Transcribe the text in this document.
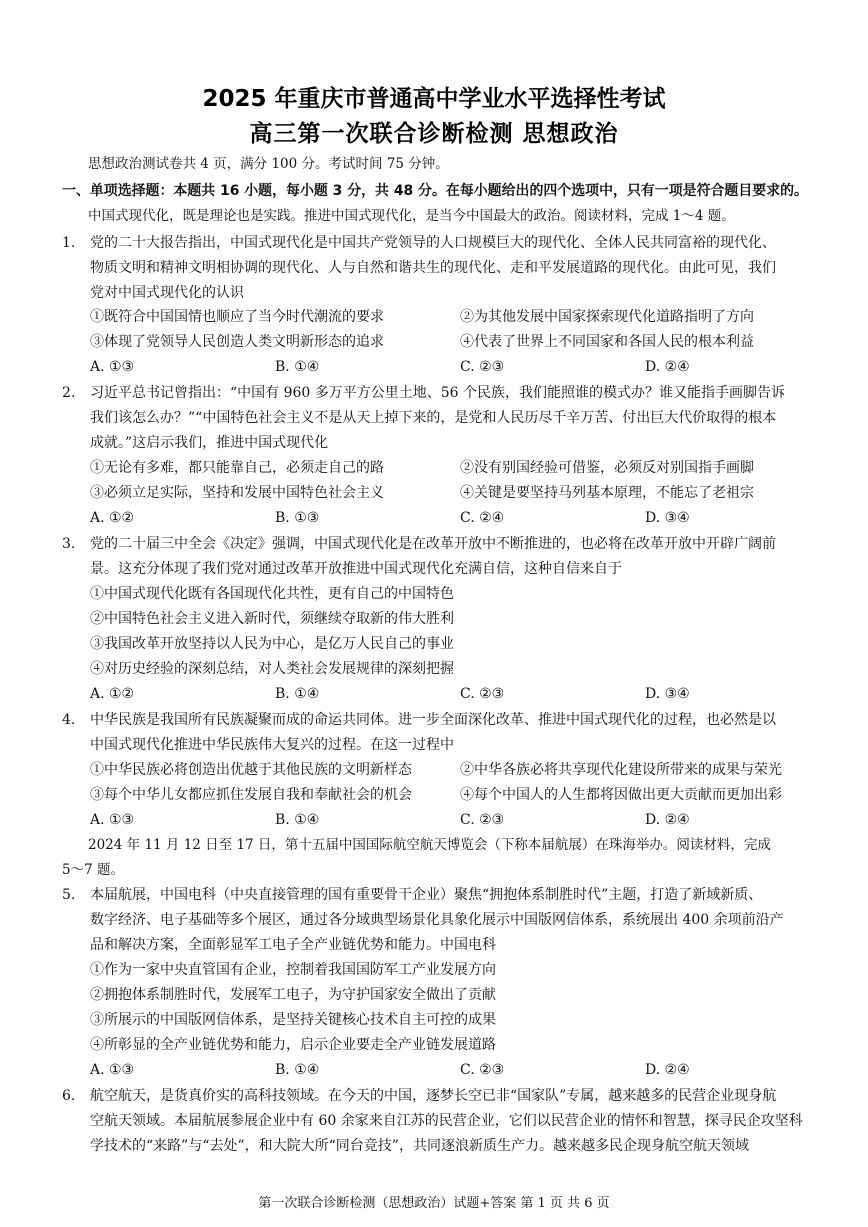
2025 年重庆市普通高中学业水平选择性考试
高三第一次联合诊断检测 思想政治
思想政治测试卷共 4 页，满分 100 分。考试时间 75 分钟。
一、单项选择题：本题共 16 小题，每小题 3 分，共 48 分。在每小题给出的四个选项中，只有一项是符合题目要求的。
中国式现代化，既是理论也是实践。推进中国式现代化，是当今中国最大的政治。阅读材料，完成 1～4 题。
1. 党的二十大报告指出，中国式现代化是中国共产党领导的人口规模巨大的现代化、全体人民共同富裕的现代化、
物质文明和精神文明相协调的现代化、人与自然和谐共生的现代化、走和平发展道路的现代化。由此可见，我们
党对中国式现代化的认识
①既符合中国国情也顺应了当今时代潮流的要求	②为其他发展中国家探索现代化道路指明了方向
③体现了党领导人民创造人类文明新形态的追求	④代表了世界上不同国家和各国人民的根本利益
A. ①③	B. ①④	C. ②③	D. ②④
2. 习近平总书记曾指出：“中国有 960 多万平方公里土地、56 个民族，我们能照谁的模式办？谁又能指手画脚告诉
我们该怎么办？”“中国特色社会主义不是从天上掉下来的，是党和人民历尽千辛万苦、付出巨大代价取得的根本
成就。”这启示我们，推进中国式现代化
①无论有多难，都只能靠自己，必须走自己的路	②没有别国经验可借鉴，必须反对别国指手画脚
③必须立足实际，坚持和发展中国特色社会主义	④关键是要坚持马列基本原理，不能忘了老祖宗
A. ①②	B. ①③	C. ②④	D. ③④
3. 党的二十届三中全会《决定》强调，中国式现代化是在改革开放中不断推进的，也必将在改革开放中开辟广阔前
景。这充分体现了我们党对通过改革开放推进中国式现代化充满自信，这种自信来自于
①中国式现代化既有各国现代化共性，更有自己的中国特色
②中国特色社会主义进入新时代，须继续夺取新的伟大胜利
③我国改革开放坚持以人民为中心，是亿万人民自己的事业
④对历史经验的深刻总结，对人类社会发展规律的深刻把握
A. ①②	B. ①④	C. ②③	D. ③④
4. 中华民族是我国所有民族凝聚而成的命运共同体。进一步全面深化改革、推进中国式现代化的过程，也必然是以
中国式现代化推进中华民族伟大复兴的过程。在这一过程中
①中华民族必将创造出优越于其他民族的文明新样态	②中华各族必将共享现代化建设所带来的成果与荣光
③每个中华儿女都应抓住发展自我和奉献社会的机会	④每个中国人的人生都将因做出更大贡献而更加出彩
A. ①③	B. ①④	C. ②③	D. ②④
2024 年 11 月 12 日至 17 日，第十五届中国国际航空航天博览会（下称本届航展）在珠海举办。阅读材料，完成
5～7 题。
5. 本届航展，中国电科（中央直接管理的国有重要骨干企业）聚焦“拥抱体系制胜时代”主题，打造了新域新质、
数字经济、电子基础等多个展区，通过各分域典型场景化具象化展示中国版网信体系，系统展出 400 余项前沿产
品和解决方案，全面彰显军工电子全产业链优势和能力。中国电科
①作为一家中央直管国有企业，控制着我国国防军工产业发展方向
②拥抱体系制胜时代，发展军工电子，为守护国家安全做出了贡献
③所展示的中国版网信体系，是坚持关键核心技术自主可控的成果
④所彰显的全产业链优势和能力，启示企业要走全产业链发展道路
A. ①③	B. ①④	C. ②③	D. ②④
6. 航空航天，是货真价实的高科技领域。在今天的中国，逐梦长空已非“国家队”专属，越来越多的民营企业现身航
空航天领域。本届航展参展企业中有 60 余家来自江苏的民营企业，它们以民营企业的情怀和智慧，探寻民企攻坚科
学技术的“来路”与“去处”，和大院大所“同台竞技”，共同逐浪新质生产力。越来越多民企现身航空航天领域
第一次联合诊断检测（思想政治）试题+答案 第 1 页 共 6 页
